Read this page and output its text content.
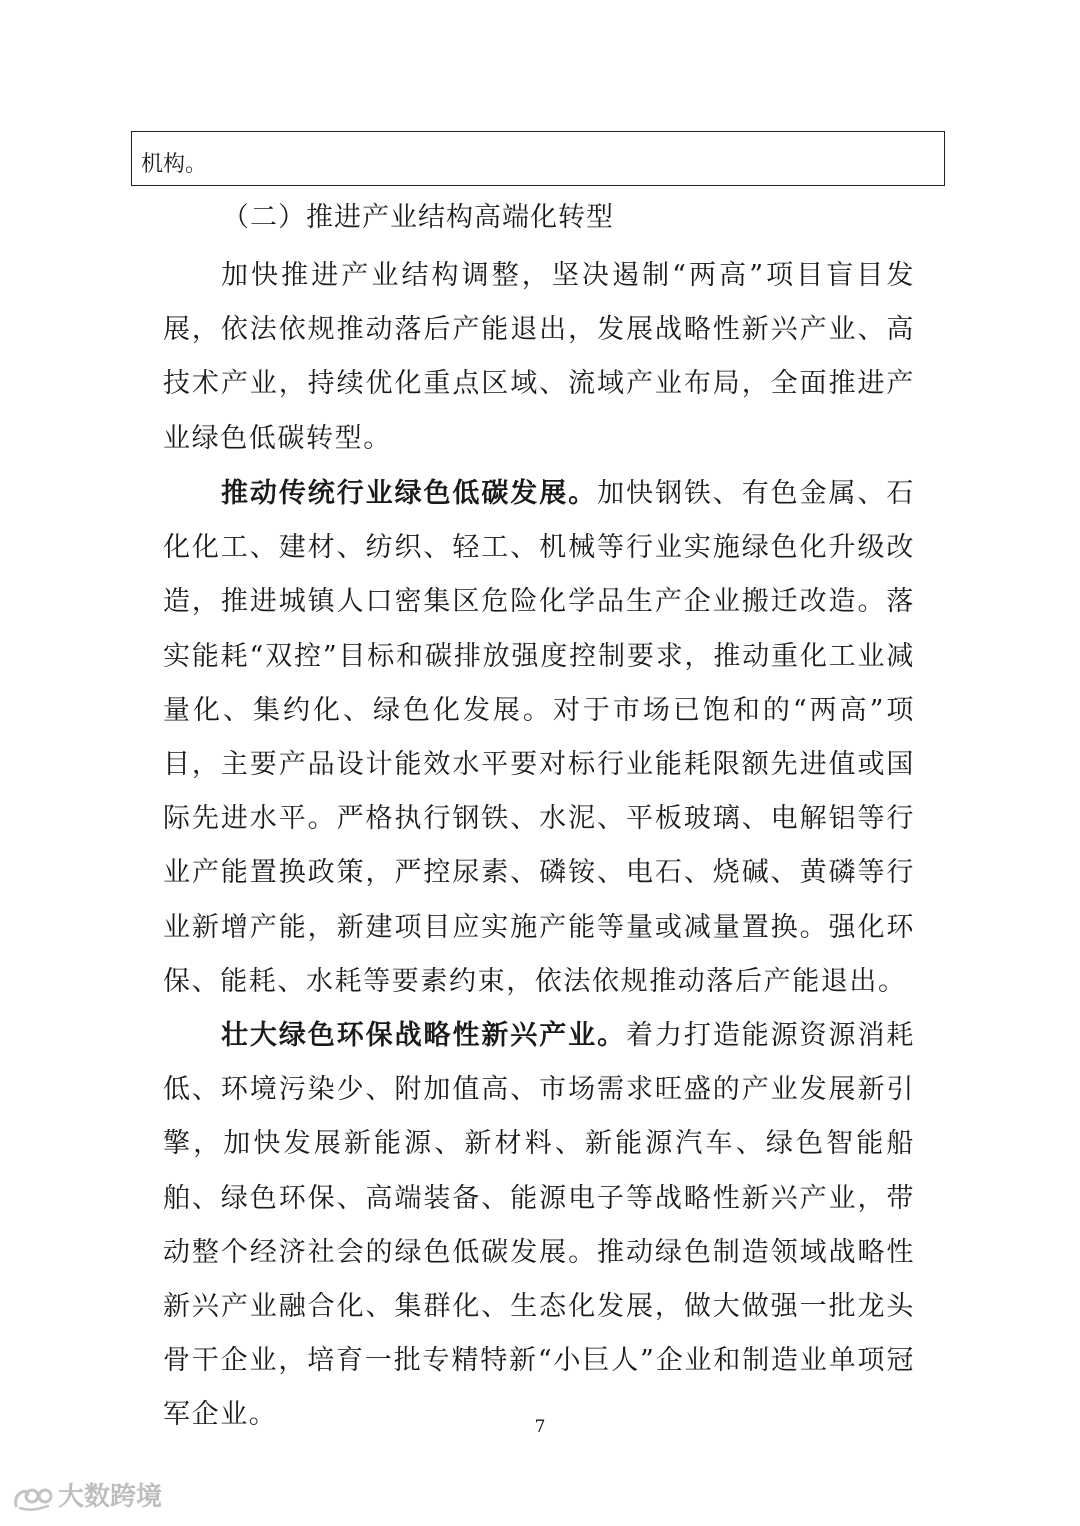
机构。
（二）推进产业结构高端化转型

加快推进产业结构调整，坚决遏制“两高”项目盲目发展，依法依规推动落后产能退出，发展战略性新兴产业、高技术产业，持续优化重点区域、流域产业布局，全面推进产业绿色低碳转型。

推动传统行业绿色低碳发展。加快钢铁、有色金属、石化化工、建材、纺织、轻工、机械等行业实施绿色化升级改造，推进城镇人口密集区危险化学品生产企业搬迁改造。落实能耗“双控”目标和碳排放强度控制要求，推动重化工业减量化、集约化、绿色化发展。对于市场已饱和的“两高”项目，主要产品设计能效水平要对标行业能耗限额先进值或国际先进水平。严格执行钢铁、水泥、平板玻璃、电解铝等行业产能置换政策，严控尿素、磷铵、电石、烧碱、黄磷等行业新增产能，新建项目应实施产能等量或减量置换。强化环保、能耗、水耗等要素约束，依法依规推动落后产能退出。

壮大绿色环保战略性新兴产业。着力打造能源资源消耗低、环境污染少、附加值高、市场需求旺盛的产业发展新引擎，加快发展新能源、新材料、新能源汽车、绿色智能船舶、绿色环保、高端装备、能源电子等战略性新兴产业，带动整个经济社会的绿色低碳发展。推动绿色制造领域战略性新兴产业融合化、集群化、生态化发展，做大做强一批龙头骨干企业，培育一批专精特新“小巨人”企业和制造业单项冠军企业。	7
大数跨境
